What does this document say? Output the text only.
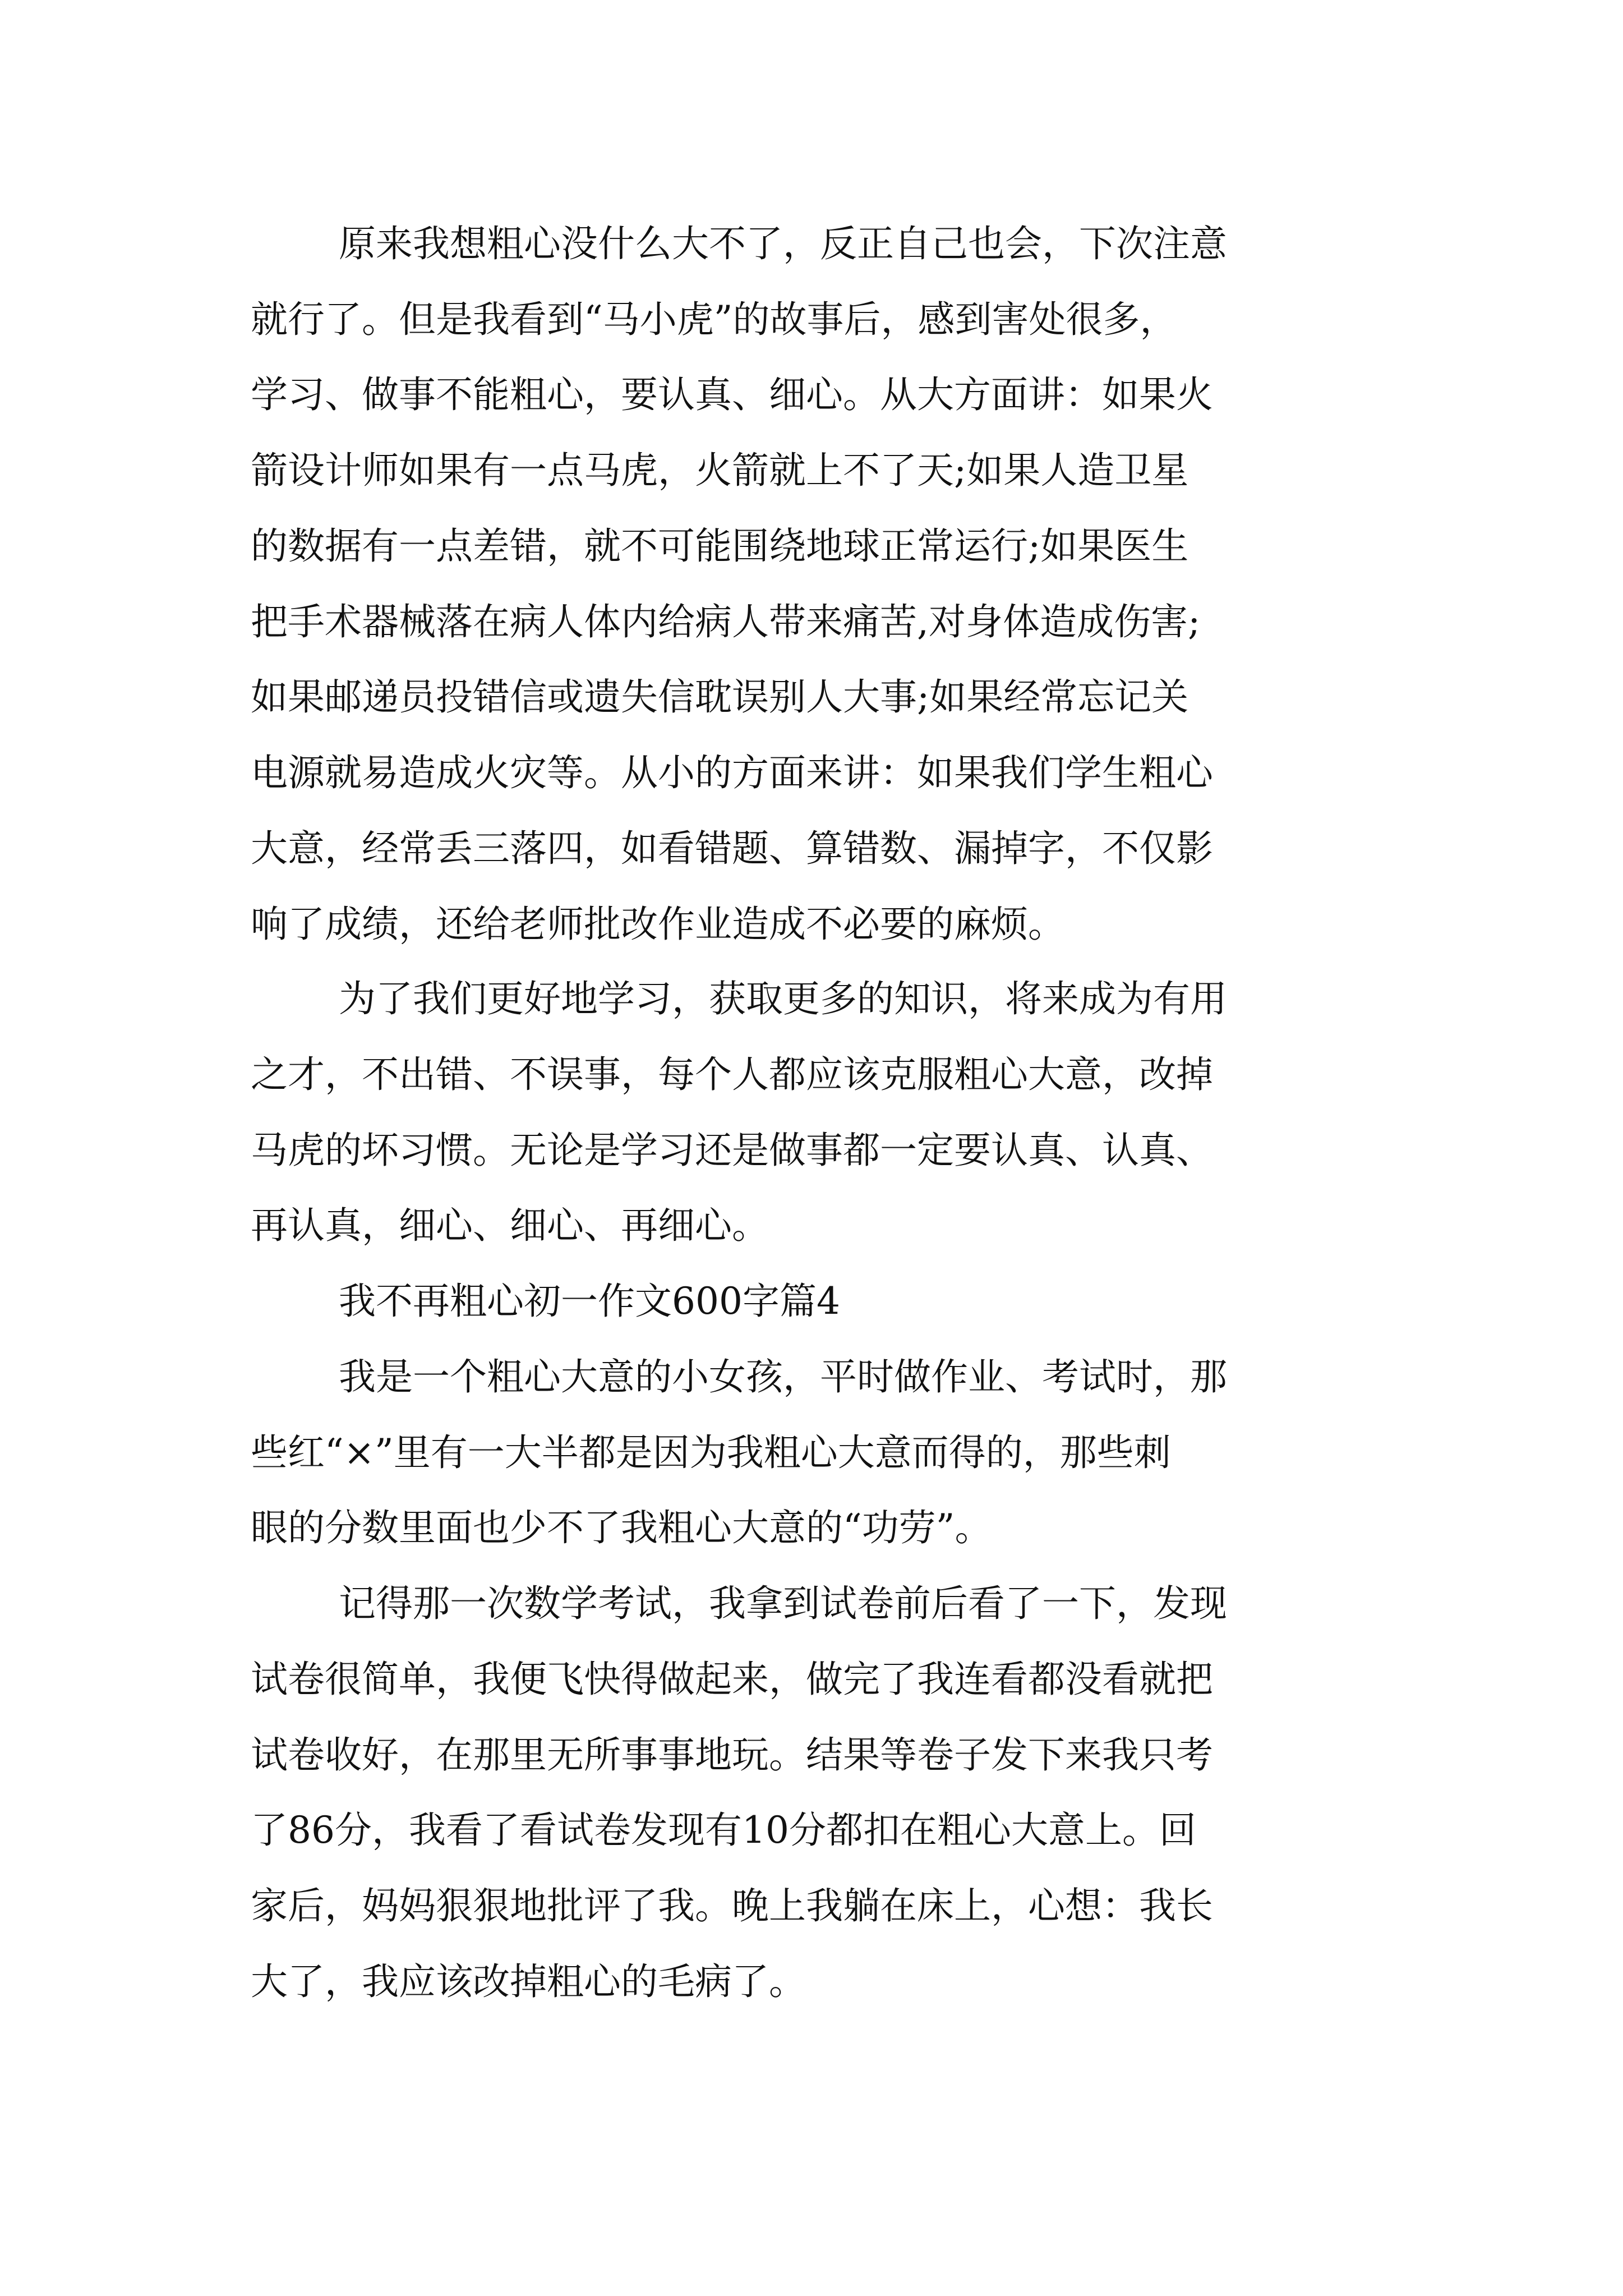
原来我想粗心没什么大不了，反正自己也会，下次注意
就行了。但是我看到“马小虎”的故事后，感到害处很多，
学习、做事不能粗心，要认真、细心。从大方面讲：如果火
箭设计师如果有一点马虎，火箭就上不了天;如果人造卫星
的数据有一点差错，就不可能围绕地球正常运行;如果医生
把手术器械落在病人体内给病人带来痛苦,对身体造成伤害;
如果邮递员投错信或遗失信耽误别人大事;如果经常忘记关
电源就易造成火灾等。从小的方面来讲：如果我们学生粗心
大意，经常丢三落四，如看错题、算错数、漏掉字，不仅影
响了成绩，还给老师批改作业造成不必要的麻烦。
为了我们更好地学习，获取更多的知识，将来成为有用
之才，不出错、不误事，每个人都应该克服粗心大意，改掉
马虎的坏习惯。无论是学习还是做事都一定要认真、认真、
再认真，细心、细心、再细心。
我不再粗心初一作文600字篇4
我是一个粗心大意的小女孩，平时做作业、考试时，那
些红“×”里有一大半都是因为我粗心大意而得的，那些刺
眼的分数里面也少不了我粗心大意的“功劳”。
记得那一次数学考试，我拿到试卷前后看了一下，发现
试卷很简单，我便飞快得做起来，做完了我连看都没看就把
试卷收好，在那里无所事事地玩。结果等卷子发下来我只考
了86分，我看了看试卷发现有10分都扣在粗心大意上。回
家后，妈妈狠狠地批评了我。晚上我躺在床上，心想：我长
大了，我应该改掉粗心的毛病了。
